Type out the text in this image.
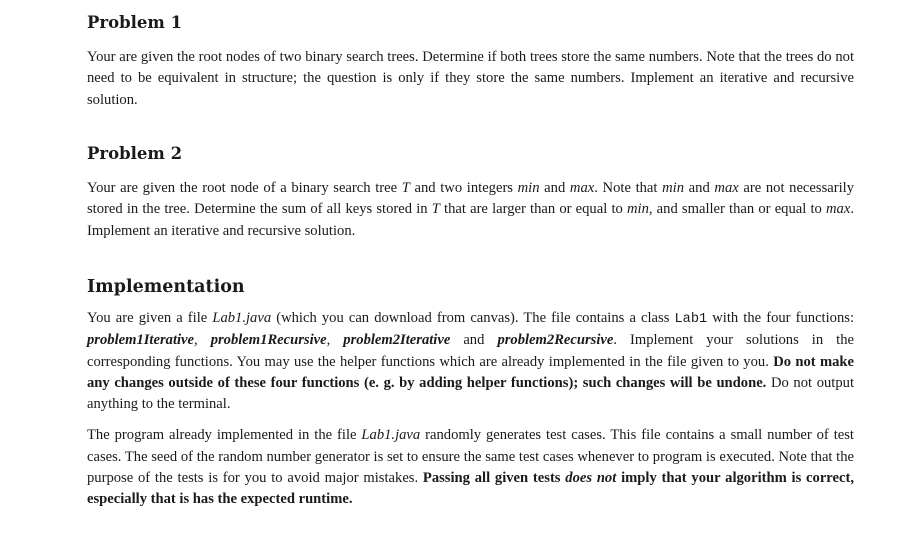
Problem 1

Your are given the root nodes of two binary search trees. Determine if both trees store the same numbers. Note that the trees do not need to be equivalent in structure; the question is only if they store the same numbers. Implement an iterative and recursive solution.

Problem 2

Your are given the root node of a binary search tree T and two integers min and max. Note that min and max are not necessarily stored in the tree. Determine the sum of all keys stored in T that are larger than or equal to min, and smaller than or equal to max. Implement an iterative and recursive solution.

Implementation

You are given a file Lab1.java (which you can download from canvas). The file contains a class Lab1 with the four functions: problem1Iterative, problem1Recursive, problem2Iterative and problem2Recursive. Implement your solutions in the corresponding functions. You may use the helper functions which are already implemented in the file given to you. Do not make any changes outside of these four functions (e. g. by adding helper functions); such changes will be undone. Do not output anything to the terminal.

The program already implemented in the file Lab1.java randomly generates test cases. This file contains a small number of test cases. The seed of the random number generator is set to ensure the same test cases whenever to program is executed. Note that the purpose of the tests is for you to avoid major mistakes. Passing all given tests does not imply that your algorithm is correct, especially that is has the expected runtime.
